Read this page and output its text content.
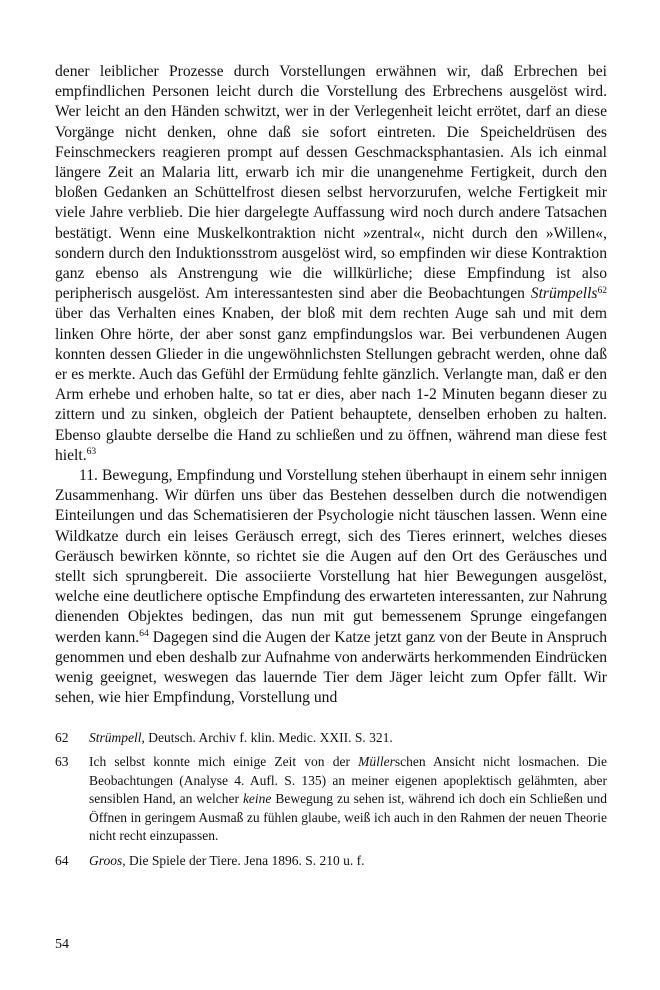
dener leiblicher Prozesse durch Vorstellungen erwähnen wir, daß Erbrechen bei empfindlichen Personen leicht durch die Vorstellung des Erbrechens ausgelöst wird. Wer leicht an den Händen schwitzt, wer in der Verlegenheit leicht errötet, darf an diese Vorgänge nicht denken, ohne daß sie sofort eintreten. Die Speicheldrüsen des Feinschmeckers reagieren prompt auf dessen Geschmacksphantasien. Als ich einmal längere Zeit an Malaria litt, erwarb ich mir die unangenehme Fertigkeit, durch den bloßen Gedanken an Schüttelfrost diesen selbst hervorzurufen, welche Fertigkeit mir viele Jahre verblieb. Die hier dargelegte Auffassung wird noch durch andere Tatsachen bestätigt. Wenn eine Muskelkontraktion nicht »zentral«, nicht durch den »Willen«, sondern durch den Induktionsstrom ausgelöst wird, so empfinden wir diese Kontraktion ganz ebenso als Anstrengung wie die willkürliche; diese Empfindung ist also peripherisch ausgelöst. Am interessantesten sind aber die Beobachtungen Strümpells$^{62}$ über das Verhalten eines Knaben, der bloß mit dem rechten Auge sah und mit dem linken Ohre hörte, der aber sonst ganz empfindungslos war. Bei verbundenen Augen konnten dessen Glieder in die ungewöhnlichsten Stellungen gebracht werden, ohne daß er es merkte. Auch das Gefühl der Ermüdung fehlte gänzlich. Verlangte man, daß er den Arm erhebe und erhoben halte, so tat er dies, aber nach 1-2 Minuten begann dieser zu zittern und zu sinken, obgleich der Patient behauptete, denselben erhoben zu halten. Ebenso glaubte derselbe die Hand zu schließen und zu öffnen, während man diese fest hielt.$^{63}$

11. Bewegung, Empfindung und Vorstellung stehen überhaupt in einem sehr innigen Zusammenhang. Wir dürfen uns über das Bestehen desselben durch die notwendigen Einteilungen und das Schematisieren der Psychologie nicht täuschen lassen. Wenn eine Wildkatze durch ein leises Geräusch erregt, sich des Tieres erinnert, welches dieses Geräusch bewirken könnte, so richtet sie die Augen auf den Ort des Geräusches und stellt sich sprungbereit. Die associierte Vorstellung hat hier Bewegungen ausgelöst, welche eine deutlichere optische Empfindung des erwarteten interessanten, zur Nahrung dienenden Objektes bedingen, das nun mit gut bemessenem Sprunge eingefangen werden kann.$^{64}$ Dagegen sind die Augen der Katze jetzt ganz von der Beute in Anspruch genommen und eben deshalb zur Aufnahme von anderwärts herkommenden Eindrücken wenig geeignet, weswegen das lauernde Tier dem Jäger leicht zum Opfer fällt. Wir sehen, wie hier Empfindung, Vorstellung und

62	Strümpell, Deutsch. Archiv f. klin. Medic. XXII. S. 321.
63	Ich selbst konnte mich einige Zeit von der Müllerschen Ansicht nicht losmachen. Die Beobachtungen (Analyse 4. Aufl. S. 135) an meiner eigenen apoplektisch gelähmten, aber sensiblen Hand, an welcher keine Bewegung zu sehen ist, während ich doch ein Schließen und Öffnen in geringem Ausmaß zu fühlen glaube, weiß ich auch in den Rahmen der neuen Theorie nicht recht einzupassen.
64	Groos, Die Spiele der Tiere. Jena 1896. S. 210 u. f.
54
